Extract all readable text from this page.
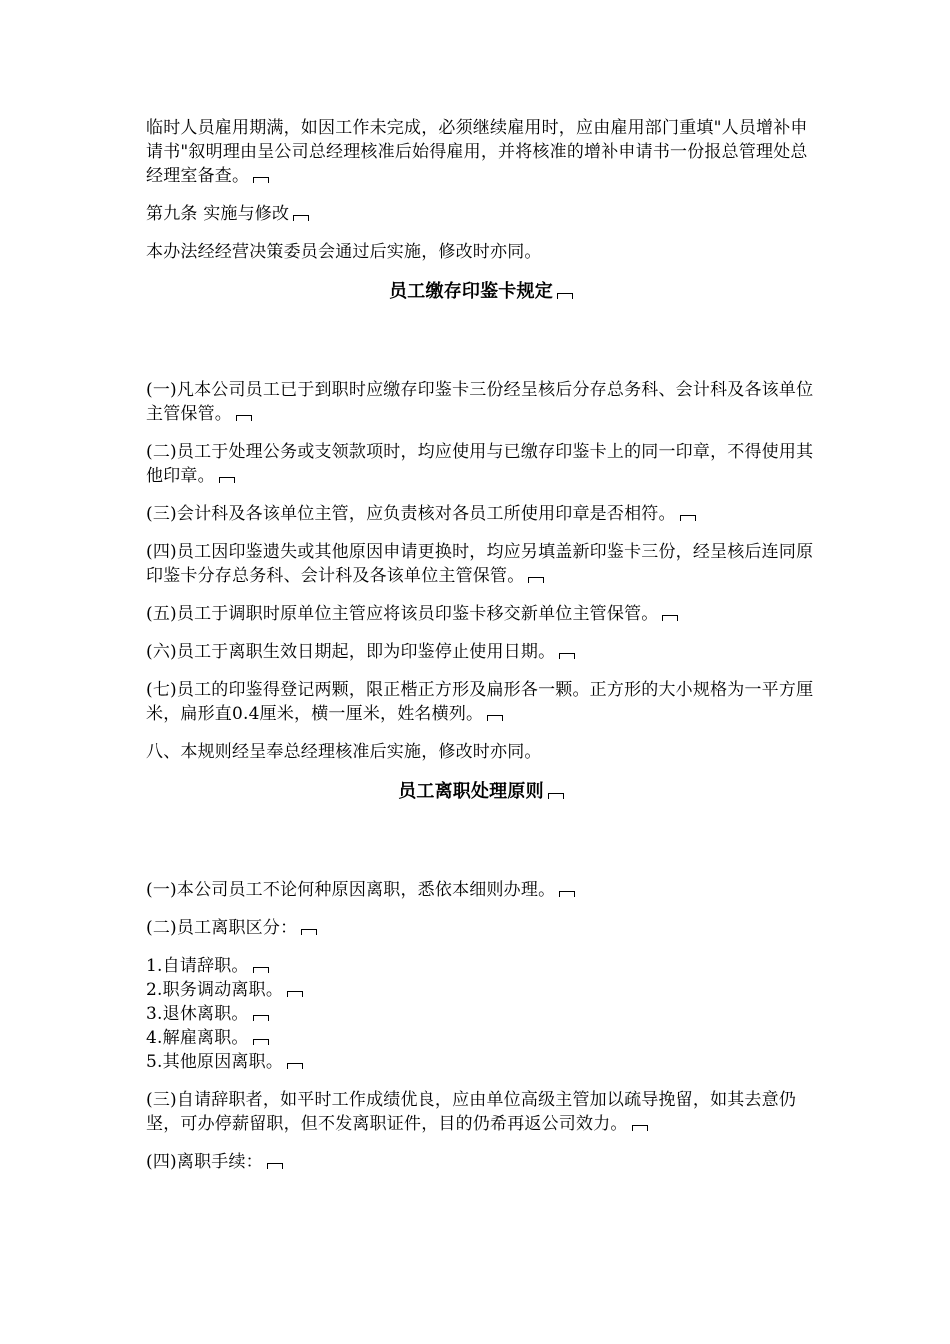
临时人员雇用期满，如因工作未完成，必须继续雇用时，应由雇用部门重填"人员增补申请书"叙明理由呈公司总经理核准后始得雇用，并将核准的增补申请书一份报总管理处总经理室备查。

第九条 实施与修改

本办法经经营决策委员会通过后实施，修改时亦同。

员工缴存印鉴卡规定

(一)凡本公司员工已于到职时应缴存印鉴卡三份经呈核后分存总务科、会计科及各该单位主管保管。

(二)员工于处理公务或支领款项时，均应使用与已缴存印鉴卡上的同一印章，不得使用其他印章。

(三)会计科及各该单位主管，应负责核对各员工所使用印章是否相符。

(四)员工因印鉴遗失或其他原因申请更换时，均应另填盖新印鉴卡三份，经呈核后连同原印鉴卡分存总务科、会计科及各该单位主管保管。

(五)员工于调职时原单位主管应将该员印鉴卡移交新单位主管保管。

(六)员工于离职生效日期起，即为印鉴停止使用日期。

(七)员工的印鉴得登记两颗，限正楷正方形及扁形各一颗。正方形的大小规格为一平方厘米，扁形直0.4厘米，横一厘米，姓名横列。

八、本规则经呈奉总经理核准后实施，修改时亦同。

员工离职处理原则

(一)本公司员工不论何种原因离职，悉依本细则办理。

(二)员工离职区分：

1.自请辞职。

2.职务调动离职。

3.退休离职。

4.解雇离职。

5.其他原因离职。

(三)自请辞职者，如平时工作成绩优良，应由单位高级主管加以疏导挽留，如其去意仍坚，可办停薪留职，但不发离职证件，目的仍希再返公司效力。

(四)离职手续：
